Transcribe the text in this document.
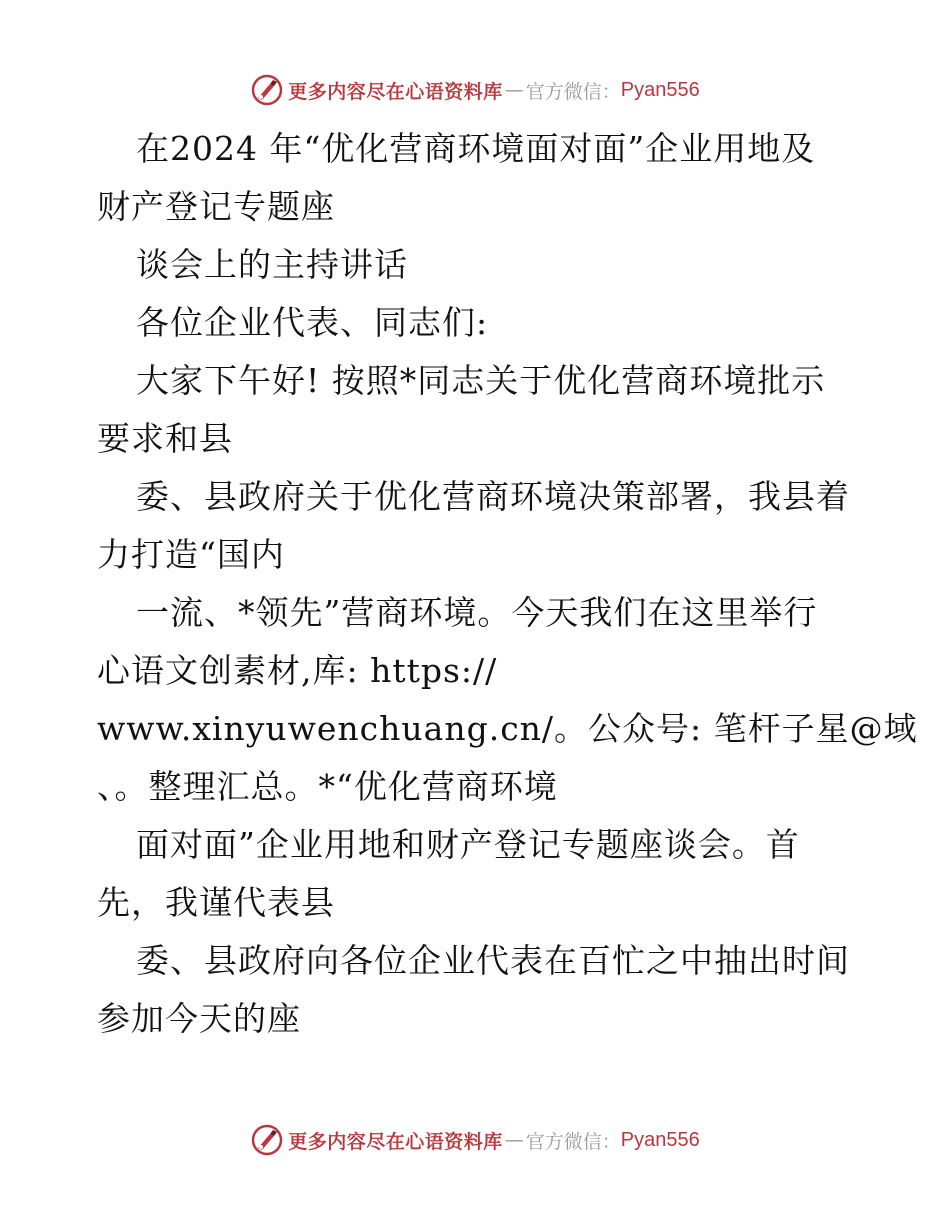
更多内容尽在心语资料库 — 官方微信： Pyan556
在2024 年“优化营商环境面对面”企业用地及
财产登记专题座
谈会上的主持讲话
各位企业代表、同志们:
大家下午好! 按照*同志关于优化营商环境批示
要求和县
委、县政府关于优化营商环境决策部署，我县着
力打造“国内
一流、*领先”营商环境。今天我们在这里举行
心语文创素材,库: https://
www.xinyuwenchuang.cn/。公众号: 笔杆子星@域
、。整理汇总。*“优化营商环境
面对面”企业用地和财产登记专题座谈会。首
先，我谨代表县
委、县政府向各位企业代表在百忙之中抽出时间
参加今天的座
更多内容尽在心语资料库 — 官方微信： Pyan556
